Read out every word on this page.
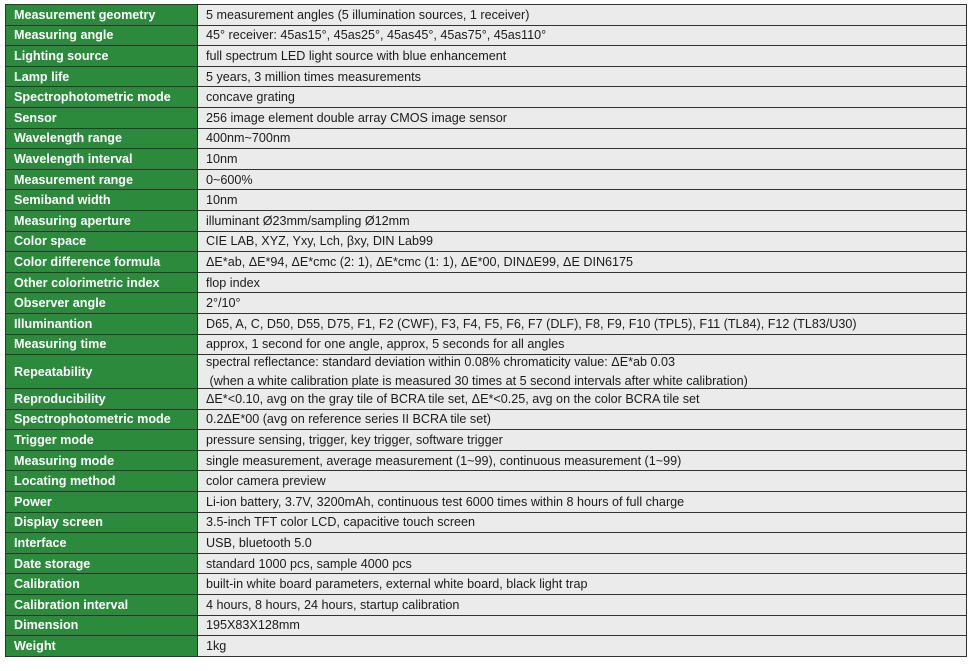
Measurement geometry	5 measurement angles (5 illumination sources, 1 receiver)
Measuring angle	45° receiver: 45as15°, 45as25°, 45as45°, 45as75°, 45as110°
Lighting source	full spectrum LED light source with blue enhancement
Lamp life	5 years, 3 million times measurements
Spectrophotometric mode	concave grating
Sensor	256 image element double array CMOS image sensor
Wavelength range	400nm~700nm
Wavelength interval	10nm
Measurement range	0~600%
Semiband width	10nm
Measuring aperture	illuminant Ø23mm/sampling Ø12mm
Color space	CIE LAB, XYZ, Yxy, Lch, βxy, DIN Lab99
Color difference formula	ΔE*ab, ΔE*94, ΔE*cmc (2: 1), ΔE*cmc (1: 1), ΔE*00, DINΔE99, ΔE DIN6175
Other colorimetric index	flop index
Observer angle	2°/10°
Illuminantion	D65, A, C, D50, D55, D75, F1, F2 (CWF), F3, F4, F5, F6, F7 (DLF), F8, F9, F10 (TPL5), F11 (TL84), F12 (TL83/U30)
Measuring time	approx, 1 second for one angle, approx, 5 seconds for all angles
Repeatability	spectral reflectance: standard deviation within 0.08% chromaticity value: ΔE*ab 0.03
(when a white calibration plate is measured 30 times at 5 second intervals after white calibration)

Reproducibility	ΔE*<0.10, avg on the gray tile of BCRA tile set, ΔE*<0.25, avg on the color BCRA tile set
Spectrophotometric mode	0.2ΔE*00 (avg on reference series II BCRA tile set)
Trigger mode	pressure sensing, trigger, key trigger, software trigger
Measuring mode	single measurement, average measurement (1~99), continuous measurement (1~99)
Locating method	color camera preview
Power	Li-ion battery, 3.7V, 3200mAh, continuous test 6000 times within 8 hours of full charge
Display screen	3.5-inch TFT color LCD, capacitive touch screen
Interface	USB, bluetooth 5.0
Date storage	standard 1000 pcs, sample 4000 pcs
Calibration	built-in white board parameters, external white board, black light trap
Calibration interval	4 hours, 8 hours, 24 hours, startup calibration
Dimension	195X83X128mm
Weight	1kg
